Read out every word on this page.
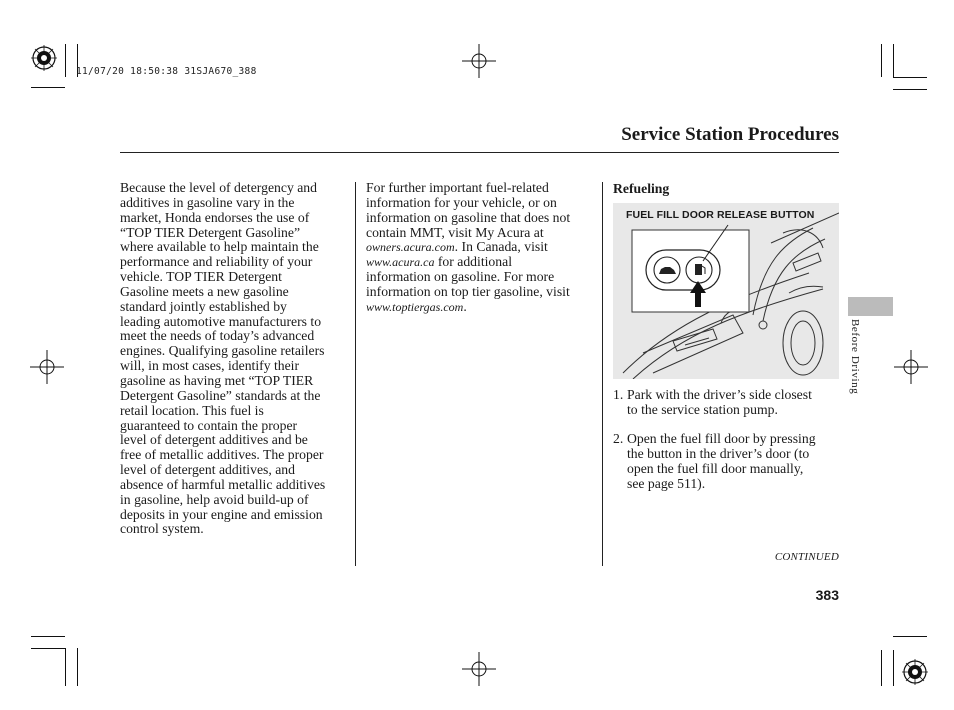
11/07/20 18:50:38 31SJA670_388
Service Station Procedures

Because the level of detergency and

additives in gasoline vary in the

market, Honda endorses the use of

“TOP TIER Detergent Gasoline”

where available to help maintain the

performance and reliability of your

vehicle. TOP TIER Detergent

Gasoline meets a new gasoline

standard jointly established by

leading automotive manufacturers to

meet the needs of today’s advanced

engines. Qualifying gasoline retailers

will, in most cases, identify their

gasoline as having met “TOP TIER

Detergent Gasoline” standards at the

retail location. This fuel is

guaranteed to contain the proper

level of detergent additives and be

free of metallic additives. The proper

level of detergent additives, and

absence of harmful metallic additives

in gasoline, help avoid build-up of

deposits in your engine and emission

control system.

For further important fuel-related

information for your vehicle, or on

information on gasoline that does not

contain MMT, visit My Acura at

owners.acura.com. In Canada, visit

www.acura.ca for additional

information on gasoline. For more

information on top tier gasoline, visit

www.toptiergas.com.

Refueling
FUEL FILL DOOR RELEASE BUTTON
1. Park with the driver’s side closest
to the service station pump.
2. Open the fuel fill door by pressing
the button in the driver’s door (to
open the fuel fill door manually,
see page 511).
CONTINUED
383
Before Driving
